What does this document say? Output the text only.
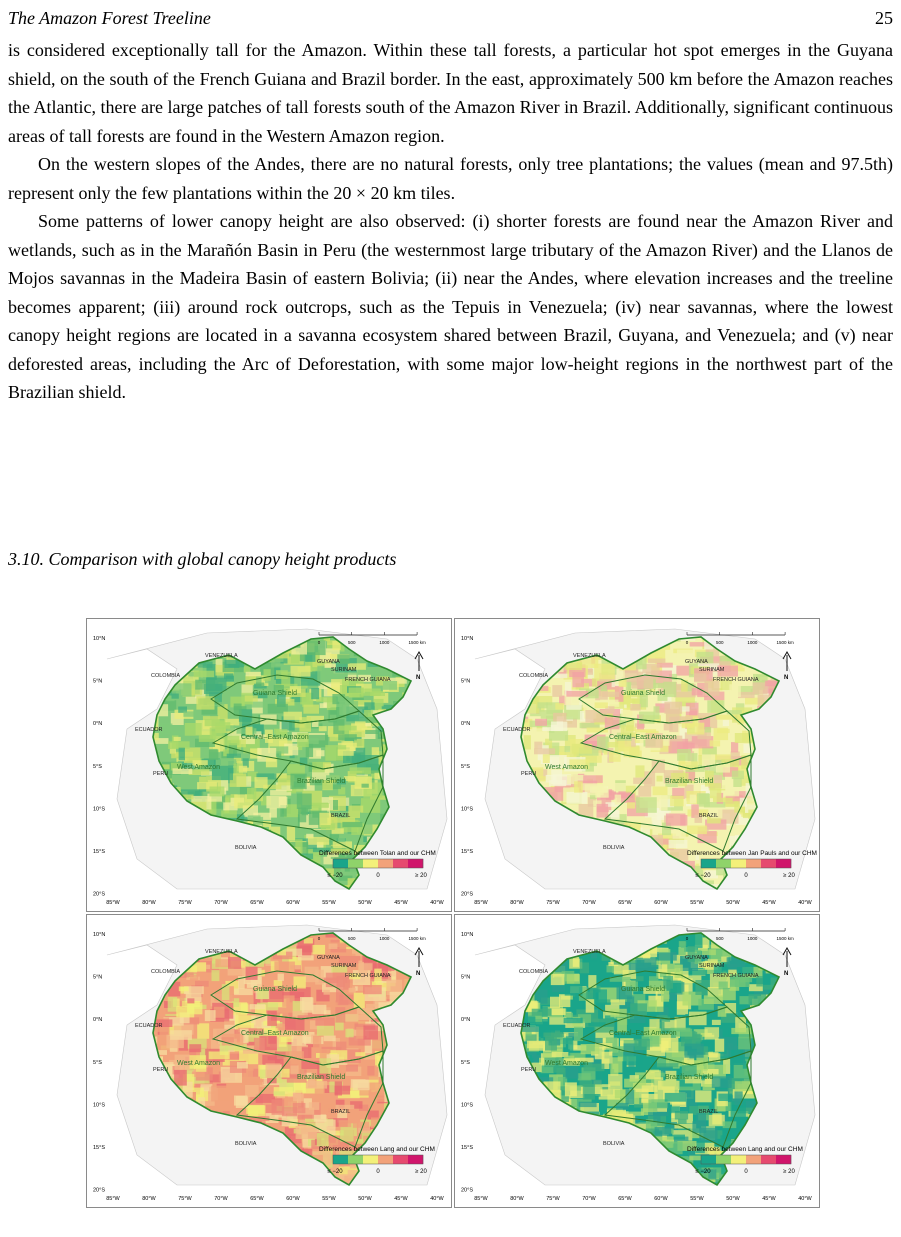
The Amazon Forest Treeline	25

is considered exceptionally tall for the Amazon. Within these tall forests, a particular hot spot emerges in the Guyana shield, on the south of the French Guiana and Brazil border. In the east, approximately 500 km before the Amazon reaches the Atlantic, there are large patches of tall forests south of the Amazon River in Brazil. Additionally, significant continuous areas of tall forests are found in the Western Amazon region.

On the western slopes of the Andes, there are no natural forests, only tree plantations; the values (mean and 97.5th) represent only the few plantations within the 20 × 20 km tiles.

Some patterns of lower canopy height are also observed: (i) shorter forests are found near the Amazon River and wetlands, such as in the Marañón Basin in Peru (the westernmost large tributary of the Amazon River) and the Llanos de Mojos savannas in the Madeira Basin of eastern Bolivia; (ii) near the Andes, where elevation increases and the treeline becomes apparent; (iii) around rock outcrops, such as the Tepuis in Venezuela; (iv) near savannas, where the lowest canopy height regions are located in a savanna ecosystem shared between Brazil, Guyana, and Venezuela; and (v) near deforested areas, including the Arc of Deforestation, with some major low-height regions in the northwest part of the Brazilian shield.

3.10. Comparison with global canopy height products
10°N
5°N
0°N
5°S
10°S
15°S
20°S
85°W	80°W	75°W	70°W	65°W	60°W	55°W	50°W	45°W	40°W
VENEZUELA
GUYANA
SURINAM
FRENCH GUIANA
COLOMBIA
ECUADOR
PERU
BRAZIL
BOLIVIA
Guiana Shield
Central–East Amazon
West Amazon
Brazilian Shield
0	500	1000	1500 km
N
Differences between Tolan and our CHM
≤ −20	0	≥ 20
10°N
5°N
0°N
5°S
10°S
15°S
20°S
85°W	80°W	75°W	70°W	65°W	60°W	55°W	50°W	45°W	40°W
VENEZUELA
GUYANA
SURINAM
FRENCH GUIANA
COLOMBIA
ECUADOR
PERU
BRAZIL
BOLIVIA
Guiana Shield
Central–East Amazon
West Amazon
Brazilian Shield
0	500	1000	1500 km
N
Differences between Jan Pauls and our CHM
≤ −20	0	≥ 20
10°N
5°N
0°N
5°S
10°S
15°S
20°S
85°W	80°W	75°W	70°W	65°W	60°W	55°W	50°W	45°W	40°W
VENEZUELA
GUYANA
SURINAM
FRENCH GUIANA
COLOMBIA
ECUADOR
PERU
BRAZIL
BOLIVIA
Guiana Shield
Central–East Amazon
West Amazon
Brazilian Shield
0	500	1000	1500 km
N
Differences between Lang and our CHM
≤ −20	0	≥ 20
10°N
5°N
0°N
5°S
10°S
15°S
20°S
85°W	80°W	75°W	70°W	65°W	60°W	55°W	50°W	45°W	40°W
VENEZUELA
GUYANA
SURINAM
FRENCH GUIANA
COLOMBIA
ECUADOR
PERU
BRAZIL
BOLIVIA
Guiana Shield
Central–East Amazon
West Amazon
Brazilian Shield
0	500	1000	1500 km
N
Differences between Lang and our CHM
≤ −20	0	≥ 20
